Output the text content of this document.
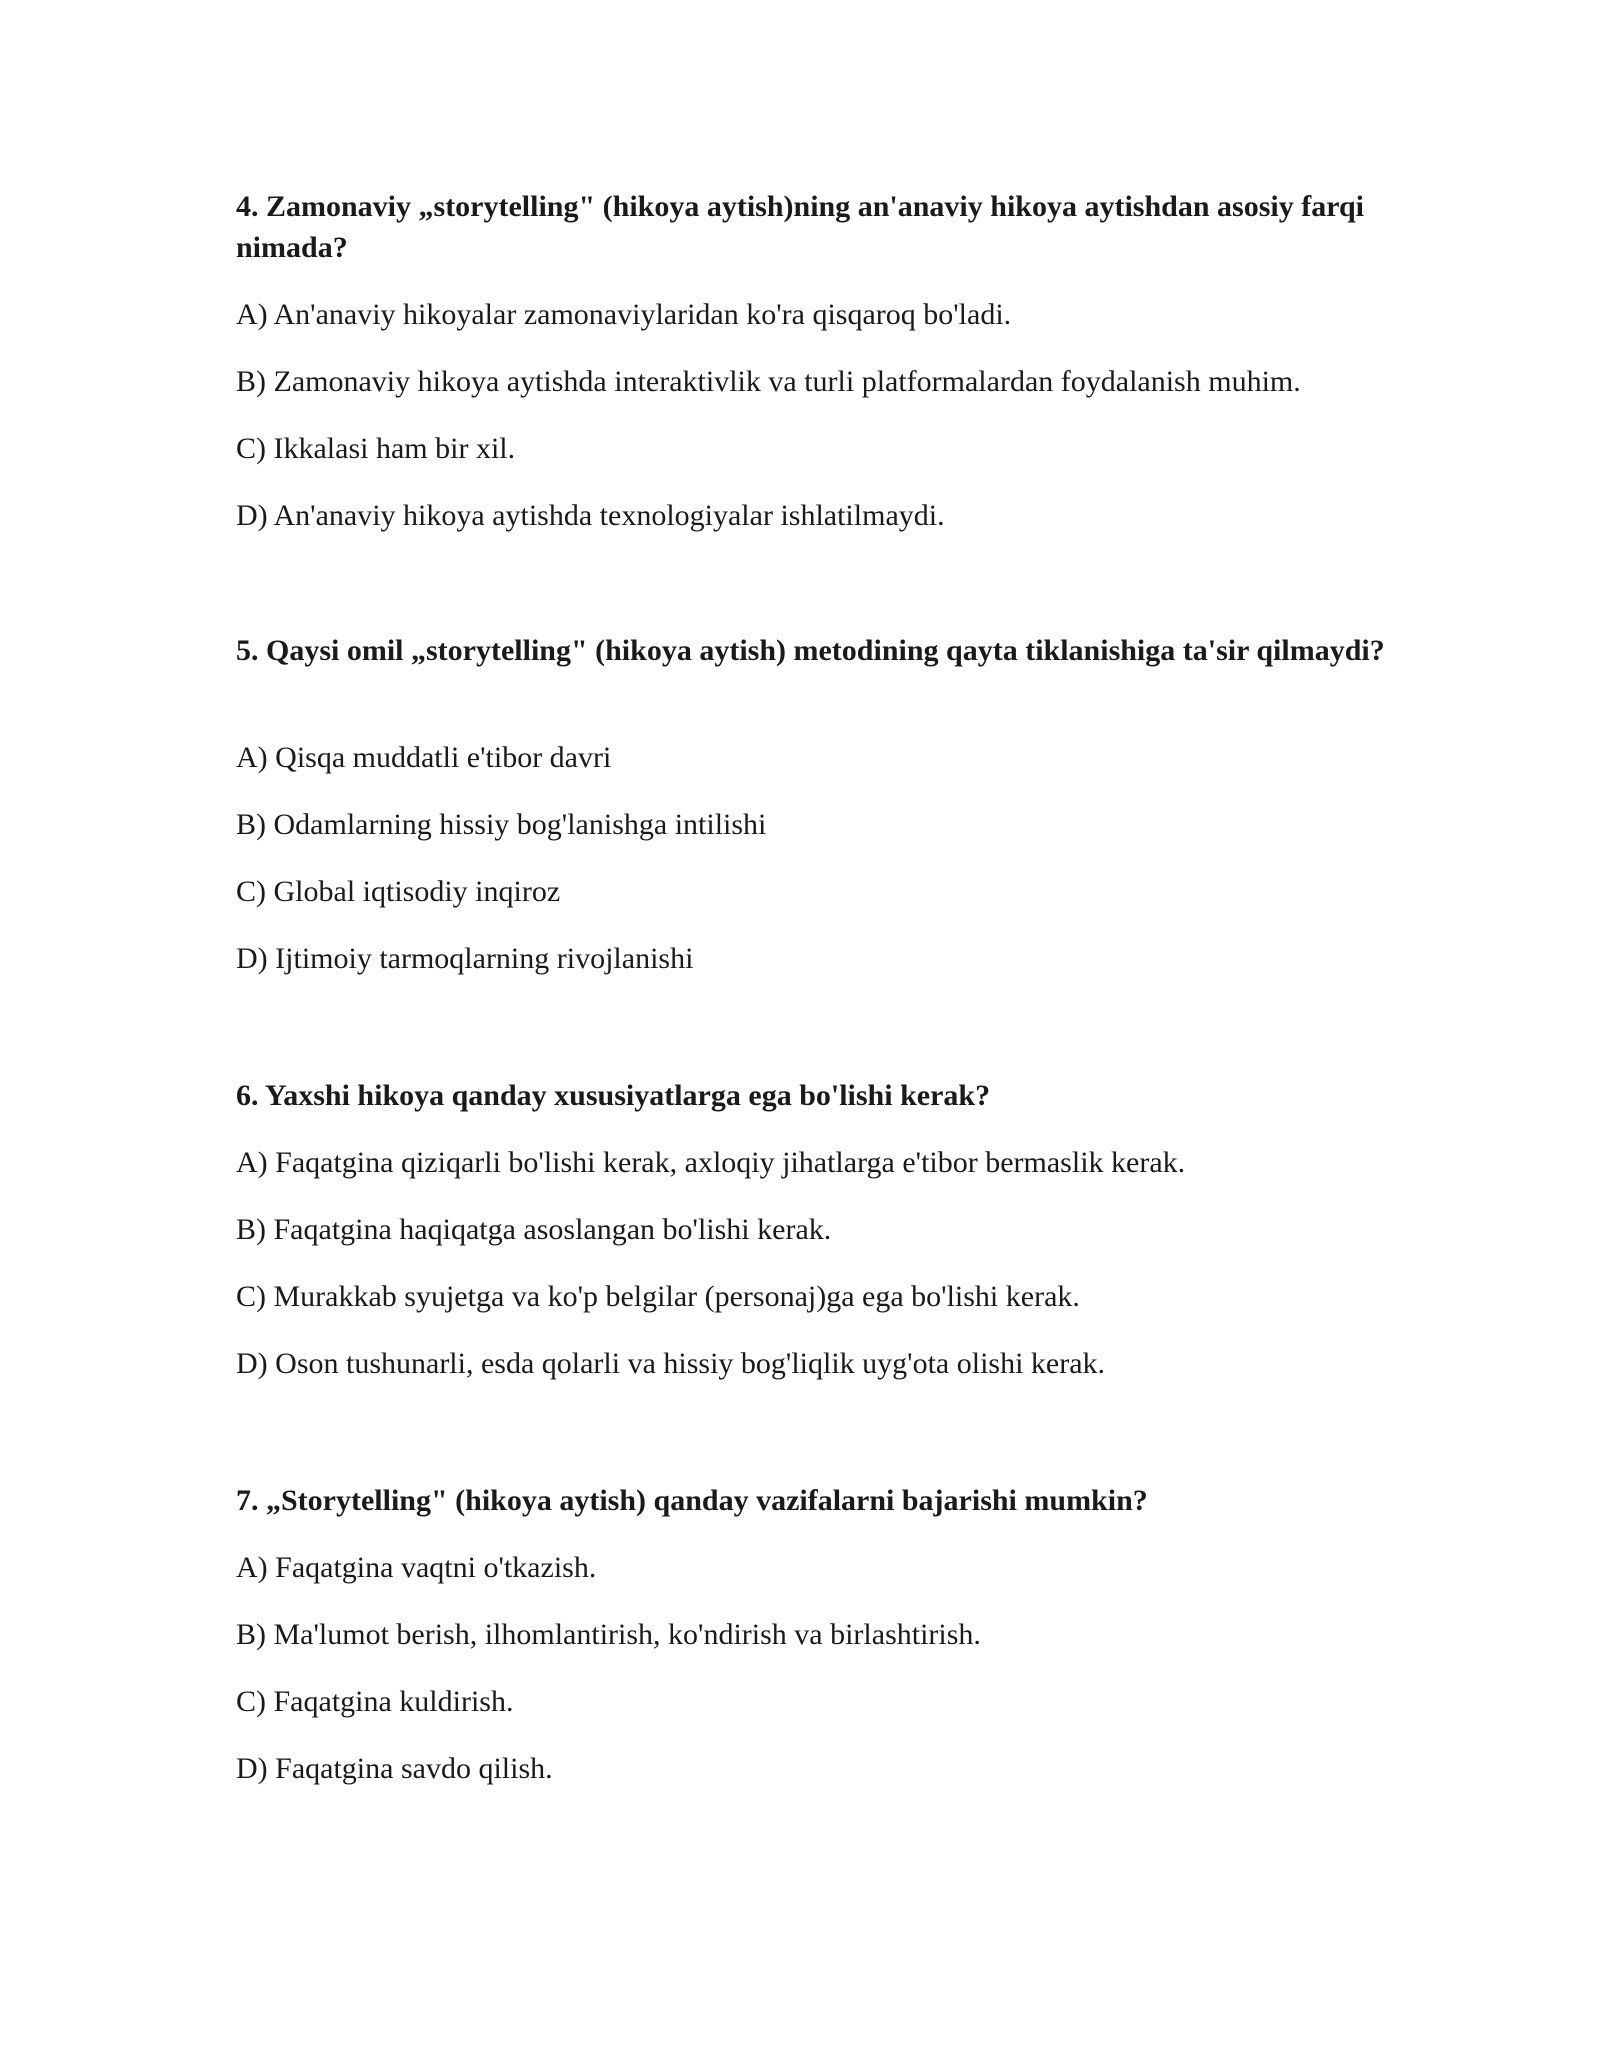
4. Zamonaviy „storytelling" (hikoya aytish)ning an'anaviy hikoya aytishdan asosiy farqi nimada?

A) An'anaviy hikoyalar zamonaviylaridan ko'ra qisqaroq bo'ladi.

B) Zamonaviy hikoya aytishda interaktivlik va turli platformalardan foydalanish muhim.

C) Ikkalasi ham bir xil.

D) An'anaviy hikoya aytishda texnologiyalar ishlatilmaydi.

5. Qaysi omil „storytelling" (hikoya aytish) metodining qayta tiklanishiga ta'sir qilmaydi?

A) Qisqa muddatli e'tibor davri

B) Odamlarning hissiy bog'lanishga intilishi

C) Global iqtisodiy inqiroz

D) Ijtimoiy tarmoqlarning rivojlanishi

6. Yaxshi hikoya qanday xususiyatlarga ega bo'lishi kerak?

A) Faqatgina qiziqarli bo'lishi kerak, axloqiy jihatlarga e'tibor bermaslik kerak.

B) Faqatgina haqiqatga asoslangan bo'lishi kerak.

C) Murakkab syujetga va ko'p belgilar (personaj)ga ega bo'lishi kerak.

D) Oson tushunarli, esda qolarli va hissiy bog'liqlik uyg'ota olishi kerak.

7. „Storytelling" (hikoya aytish) qanday vazifalarni bajarishi mumkin?

A) Faqatgina vaqtni o'tkazish.

B) Ma'lumot berish, ilhomlantirish, ko'ndirish va birlashtirish.

C) Faqatgina kuldirish.

D) Faqatgina savdo qilish.
